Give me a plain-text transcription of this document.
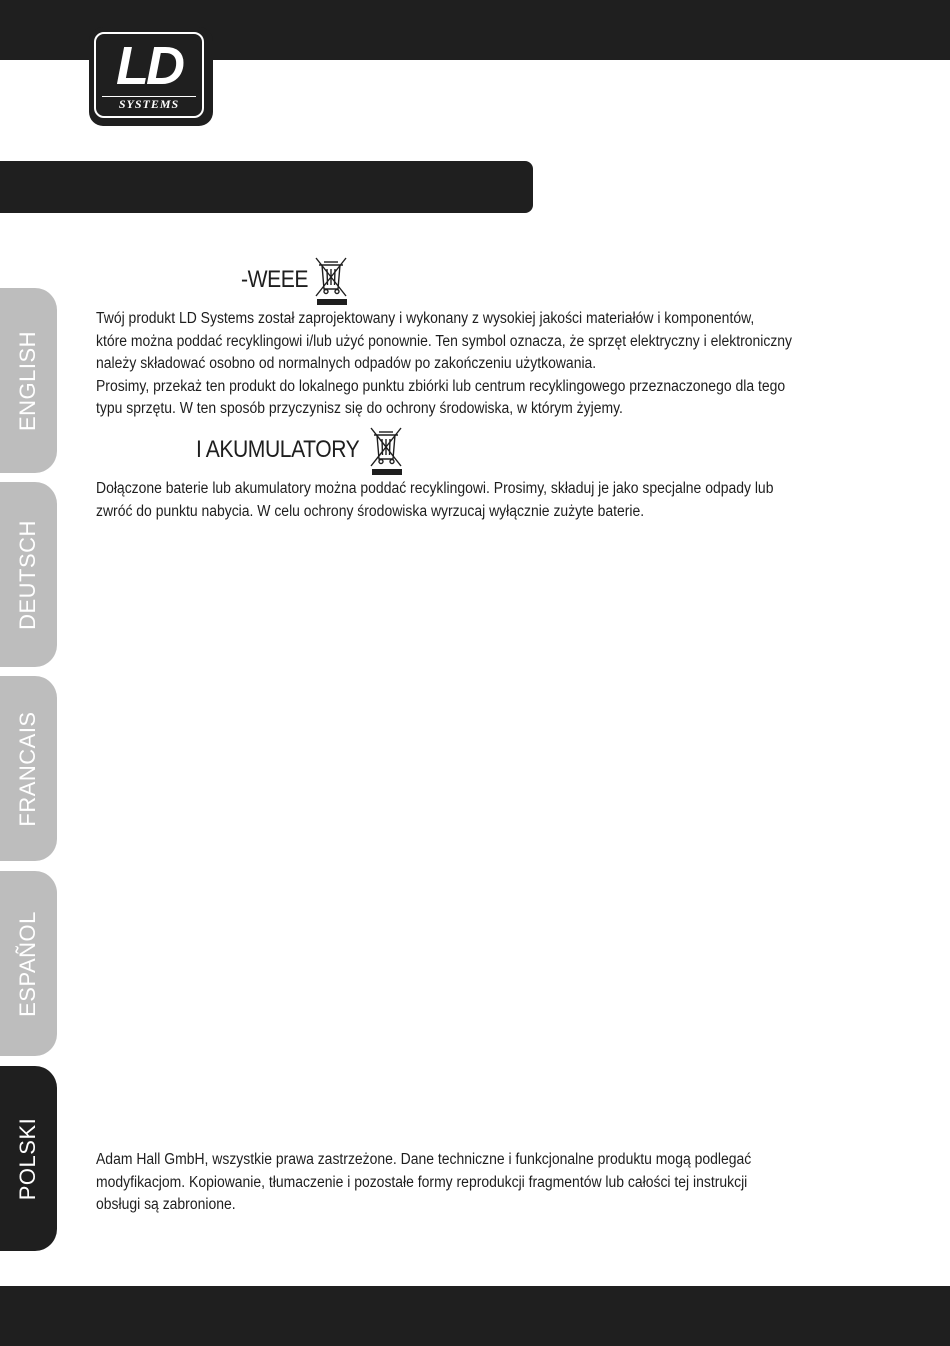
LD
SYSTEMS
ENGLISH
DEUTSCH
FRANCAIS
ESPAÑOL
POLSKI
-WEEE
Twój produkt LD Systems został zaprojektowany i wykonany z wysokiej jakości materiałów i komponentów,
które można poddać recyklingowi i/lub użyć ponownie. Ten symbol oznacza, że sprzęt elektryczny i elektroniczny
należy składować osobno od normalnych odpadów po zakończeniu użytkowania.
Prosimy, przekaż ten produkt do lokalnego punktu zbiórki lub centrum recyklingowego przeznaczonego dla tego
typu sprzętu. W ten sposób przyczynisz się do ochrony środowiska, w którym żyjemy.
I AKUMULATORY
Dołączone baterie lub akumulatory można poddać recyklingowi. Prosimy, składuj je jako specjalne odpady lub
zwróć do punktu nabycia. W celu ochrony środowiska wyrzucaj wyłącznie zużyte baterie.
Adam Hall GmbH, wszystkie prawa zastrzeżone. Dane techniczne i funkcjonalne produktu mogą podlegać
modyfikacjom. Kopiowanie, tłumaczenie i pozostałe formy reprodukcji fragmentów lub całości tej instrukcji
obsługi są zabronione.
